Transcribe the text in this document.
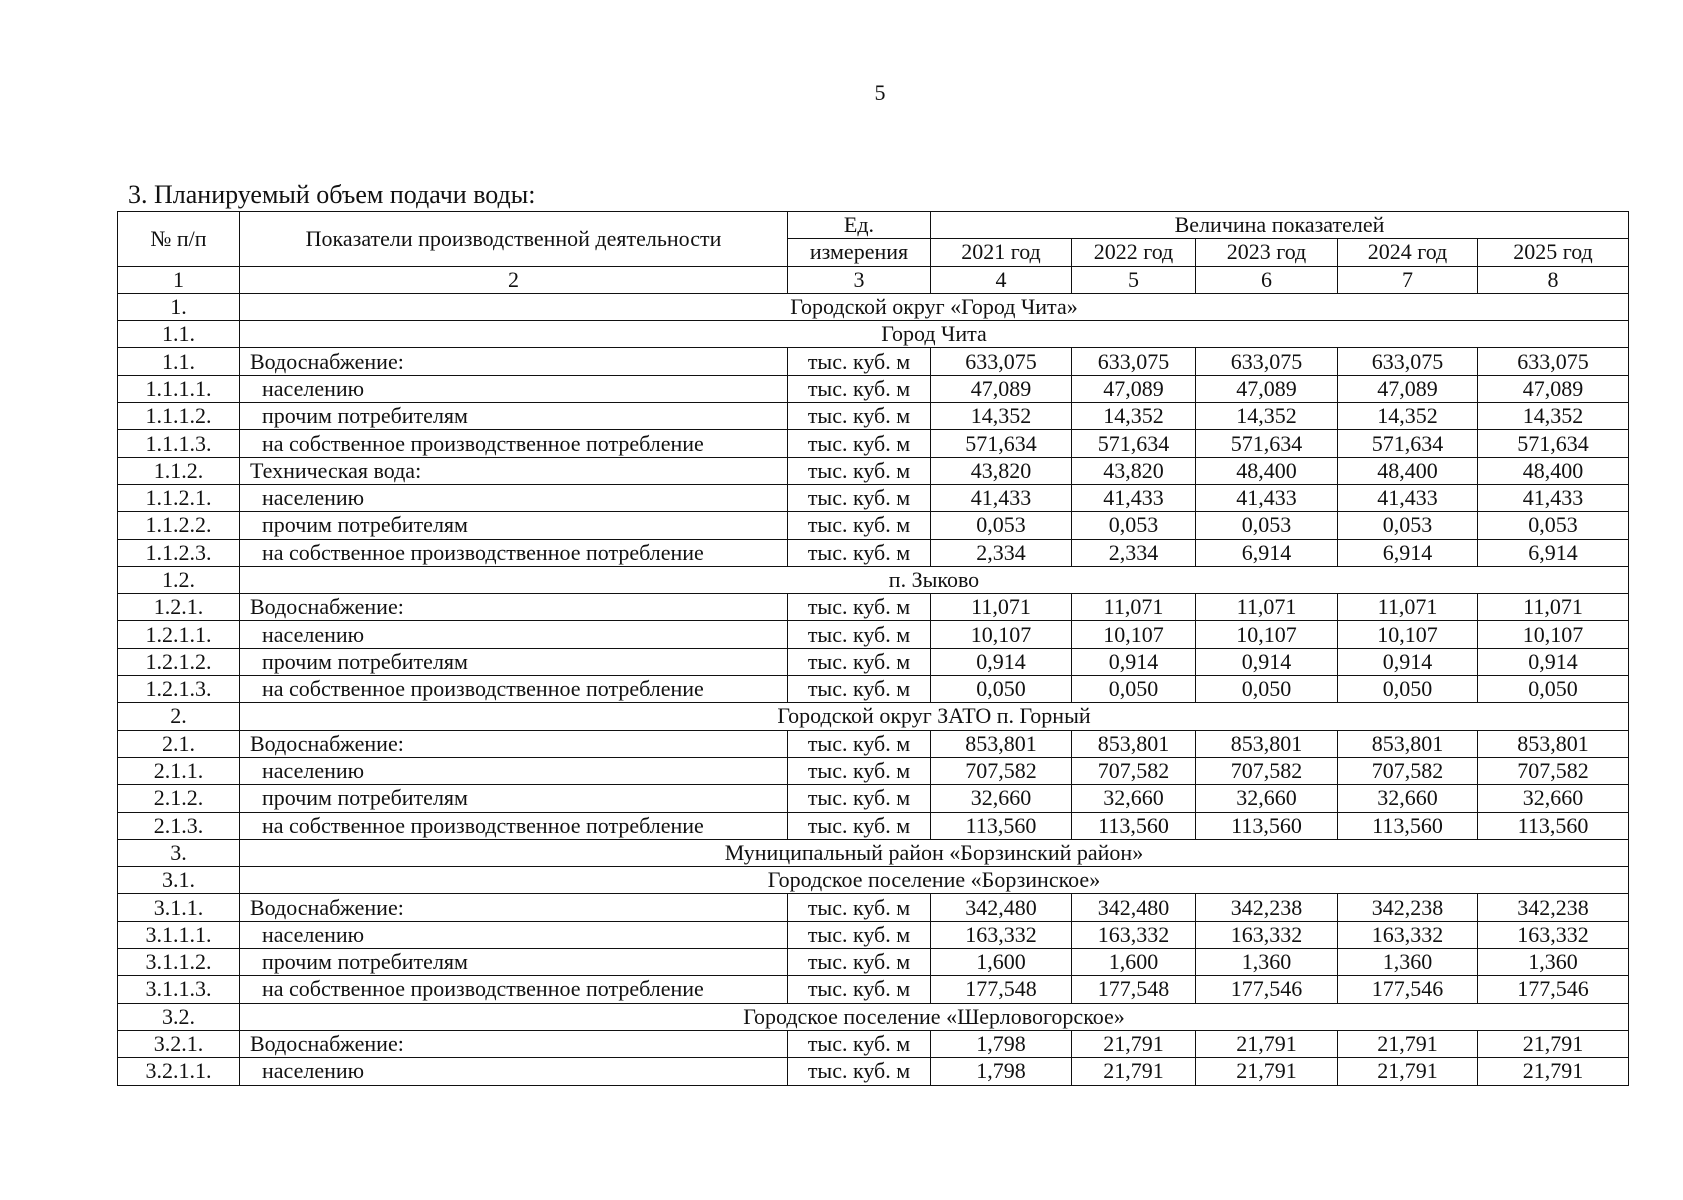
5
3. Планируемый объем подачи воды:
№ п/п	Показатели производственной деятельности	Ед.	Величина показателей				
		измерения	2021 год	2022 год	2023 год	2024 год	2025 год
1	2	3	4	5	6	7	8
1.	Городской округ «Город Чита»						
1.1.	Город Чита						
1.1.	Водоснабжение:	тыс. куб. м	633,075	633,075	633,075	633,075	633,075
1.1.1.1.	населению	тыс. куб. м	47,089	47,089	47,089	47,089	47,089
1.1.1.2.	прочим потребителям	тыс. куб. м	14,352	14,352	14,352	14,352	14,352
1.1.1.3.	на собственное производственное потребление	тыс. куб. м	571,634	571,634	571,634	571,634	571,634
1.1.2.	Техническая вода:	тыс. куб. м	43,820	43,820	48,400	48,400	48,400
1.1.2.1.	населению	тыс. куб. м	41,433	41,433	41,433	41,433	41,433
1.1.2.2.	прочим потребителям	тыс. куб. м	0,053	0,053	0,053	0,053	0,053
1.1.2.3.	на собственное производственное потребление	тыс. куб. м	2,334	2,334	6,914	6,914	6,914
1.2.	п. Зыково						
1.2.1.	Водоснабжение:	тыс. куб. м	11,071	11,071	11,071	11,071	11,071
1.2.1.1.	населению	тыс. куб. м	10,107	10,107	10,107	10,107	10,107
1.2.1.2.	прочим потребителям	тыс. куб. м	0,914	0,914	0,914	0,914	0,914
1.2.1.3.	на собственное производственное потребление	тыс. куб. м	0,050	0,050	0,050	0,050	0,050
2.	Городской округ ЗАТО п. Горный						
2.1.	Водоснабжение:	тыс. куб. м	853,801	853,801	853,801	853,801	853,801
2.1.1.	населению	тыс. куб. м	707,582	707,582	707,582	707,582	707,582
2.1.2.	прочим потребителям	тыс. куб. м	32,660	32,660	32,660	32,660	32,660
2.1.3.	на собственное производственное потребление	тыс. куб. м	113,560	113,560	113,560	113,560	113,560
3.	Муниципальный район «Борзинский район»						
3.1.	Городское поселение «Борзинское»						
3.1.1.	Водоснабжение:	тыс. куб. м	342,480	342,480	342,238	342,238	342,238
3.1.1.1.	населению	тыс. куб. м	163,332	163,332	163,332	163,332	163,332
3.1.1.2.	прочим потребителям	тыс. куб. м	1,600	1,600	1,360	1,360	1,360
3.1.1.3.	на собственное производственное потребление	тыс. куб. м	177,548	177,548	177,546	177,546	177,546
3.2.	Городское поселение «Шерловогорское»						
3.2.1.	Водоснабжение:	тыс. куб. м	1,798	21,791	21,791	21,791	21,791
3.2.1.1.	населению	тыс. куб. м	1,798	21,791	21,791	21,791	21,791
